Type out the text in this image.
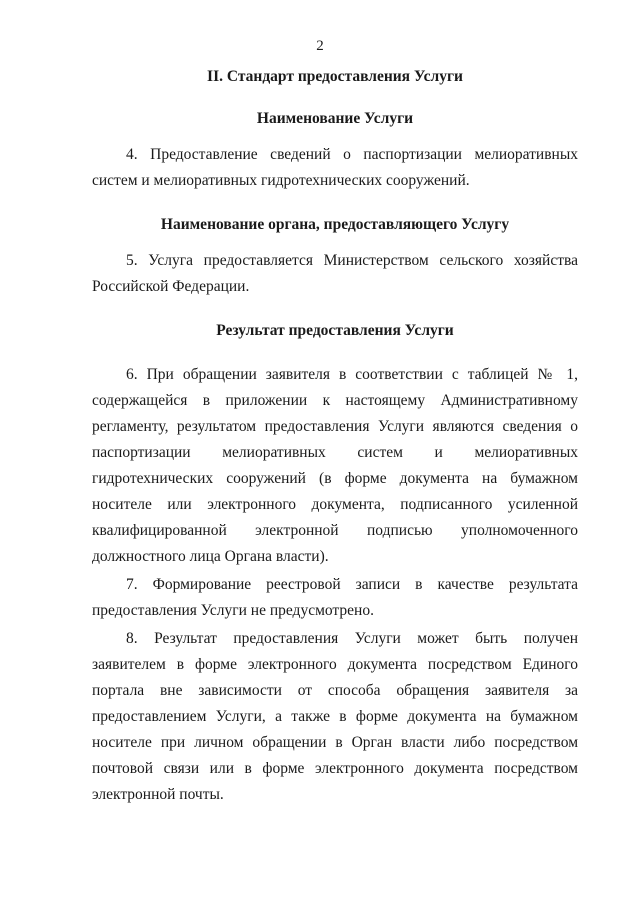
2
II. Стандарт предоставления Услуги
Наименование Услуги

4. Предоставление сведений о паспортизации мелиоративных систем и мелиоративных гидротехнических сооружений.

Наименование органа, предоставляющего Услугу

5. Услуга предоставляется Министерством сельского хозяйства Российской Федерации.

Результат предоставления Услуги

6. При обращении заявителя в соответствии с таблицей № 1, содержащейся в приложении к настоящему Административному регламенту, результатом предоставления Услуги являются сведения о паспортизации мелиоративных систем и мелиоративных гидротехнических сооружений (в форме документа на бумажном носителе или электронного документа, подписанного усиленной квалифицированной электронной подписью уполномоченного должностного лица Органа власти).

7. Формирование реестровой записи в качестве результата предоставления Услуги не предусмотрено.

8. Результат предоставления Услуги может быть получен заявителем в форме электронного документа посредством Единого портала вне зависимости от способа обращения заявителя за предоставлением Услуги, а также в форме документа на бумажном носителе при личном обращении в Орган власти либо посредством почтовой связи или в форме электронного документа посредством электронной почты.
